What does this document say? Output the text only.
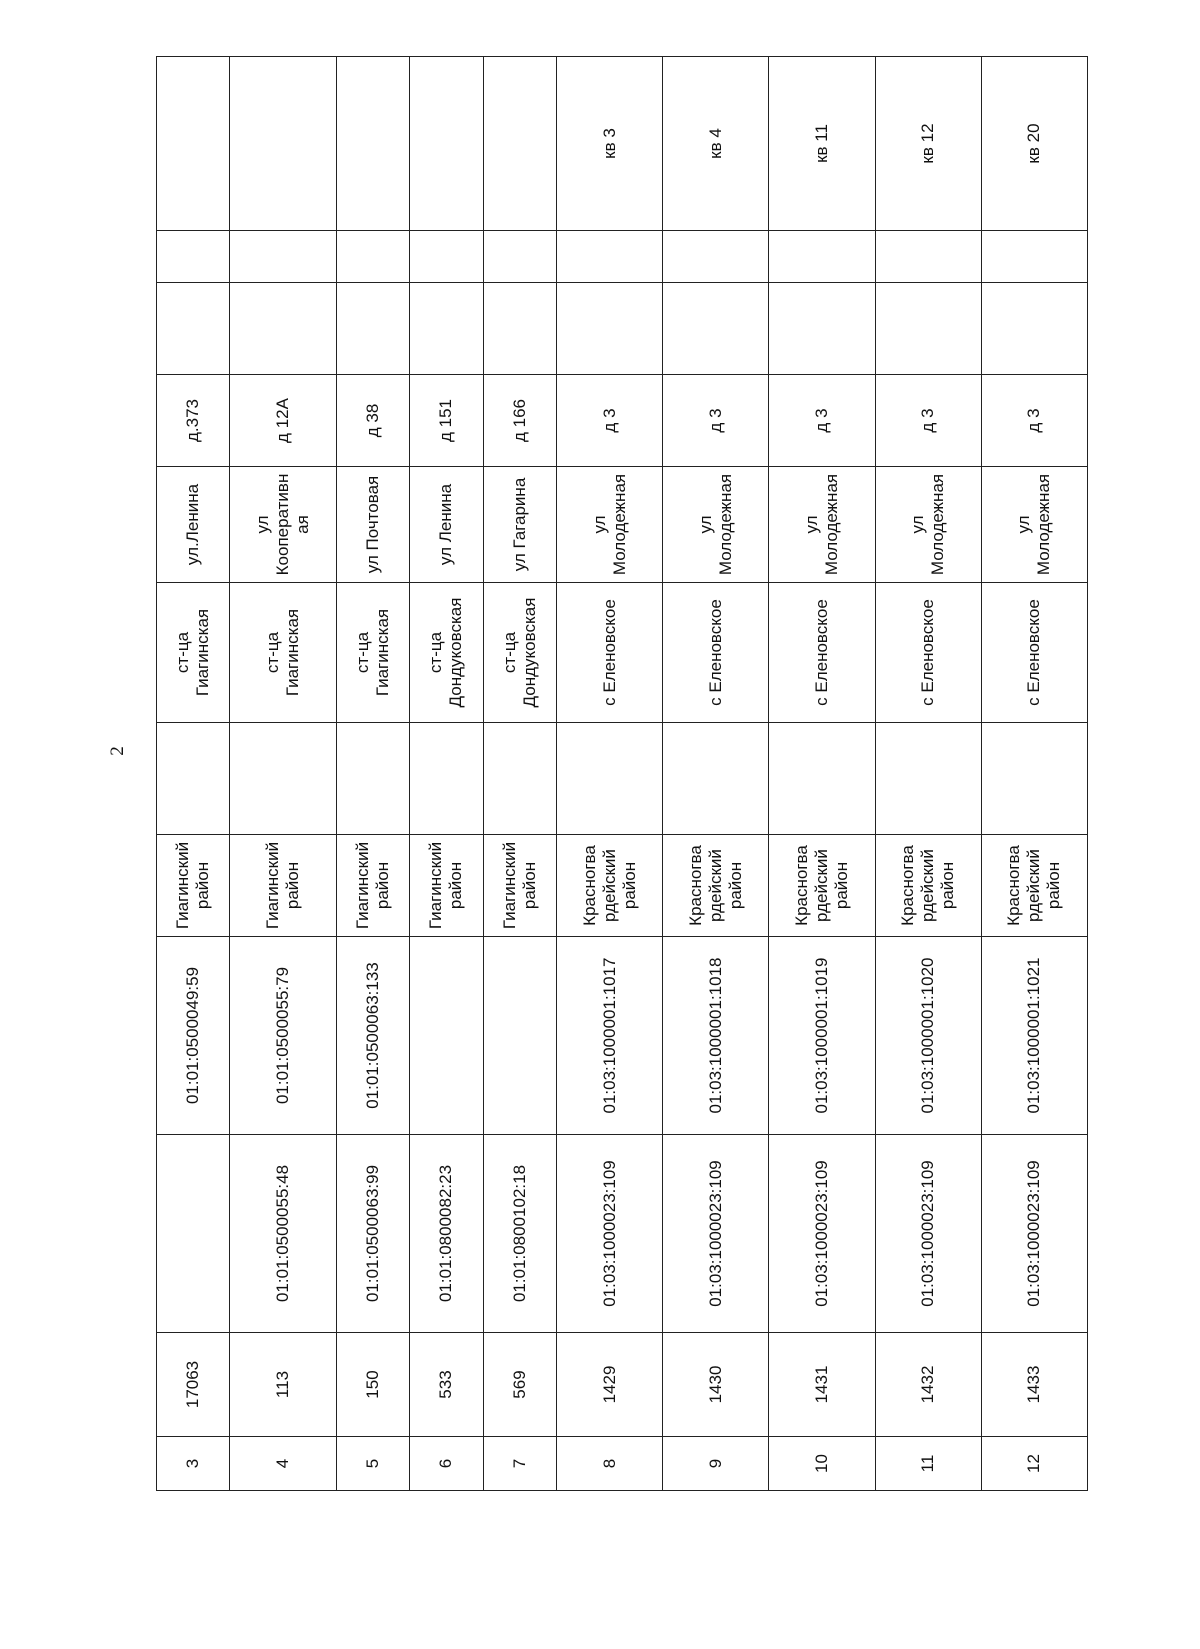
2
3	17063		01:01:0500049:59	Гиагинский район		ст-ца Гиагинская	ул.Ленина	д.373			
4	113	01:01:0500055:48	01:01:0500055:79	Гиагинский район		ст-ца Гиагинская	ул Кооперативная	д 12А			
5	150	01:01:0500063:99	01:01:0500063:133	Гиагинский район		ст-ца Гиагинская	ул Почтовая	д 38			
6	533	01:01:0800082:23		Гиагинский район		ст-ца Дондуковская	ул Ленина	д 151			
7	569	01:01:0800102:18		Гиагинский район		ст-ца Дондуковская	ул Гагарина	д 166			
8	1429	01:03:1000023:109	01:03:1000001:1017	Красногвардейский район		с Еленовское	ул Молодежная	д 3			кв 3
9	1430	01:03:1000023:109	01:03:1000001:1018	Красногвардейский район		с Еленовское	ул Молодежная	д 3			кв 4
10	1431	01:03:1000023:109	01:03:1000001:1019	Красногвардейский район		с Еленовское	ул Молодежная	д 3			кв 11
11	1432	01:03:1000023:109	01:03:1000001:1020	Красногвардейский район		с Еленовское	ул Молодежная	д 3			кв 12
12	1433	01:03:1000023:109	01:03:1000001:1021	Красногвардейский район		с Еленовское	ул Молодежная	д 3			кв 20
